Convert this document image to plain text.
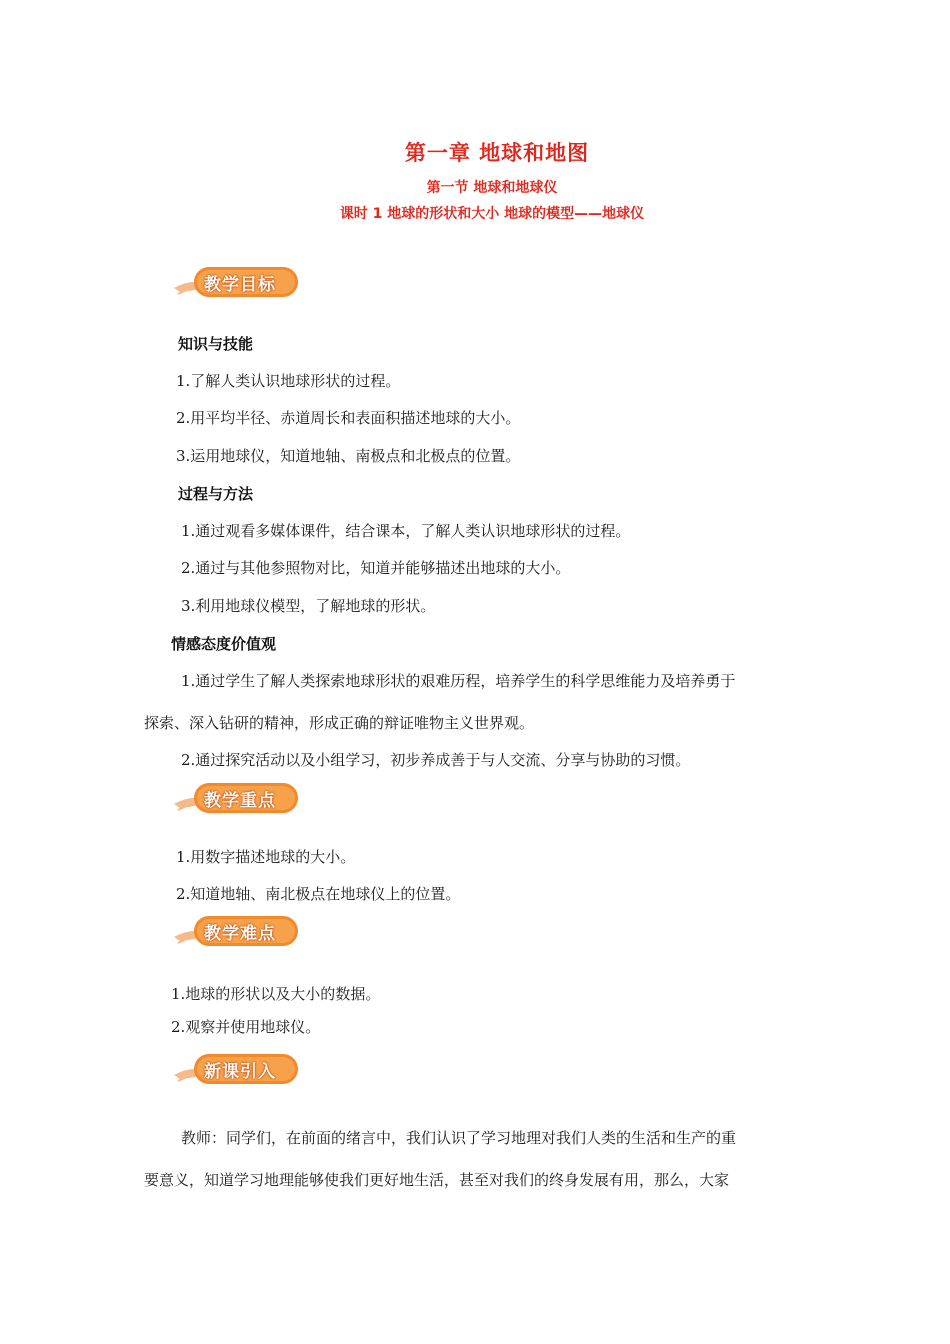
第一章 地球和地图
第一节 地球和地球仪
课时 1 地球的形状和大小 地球的模型——地球仪
教学目标
知识与技能
1.了解人类认识地球形状的过程。
2.用平均半径、赤道周长和表面积描述地球的大小。
3.运用地球仪，知道地轴、南极点和北极点的位置。
过程与方法
1.通过观看多媒体课件，结合课本，了解人类认识地球形状的过程。
2.通过与其他参照物对比，知道并能够描述出地球的大小。
3.利用地球仪模型，了解地球的形状。
情感态度价值观
1.通过学生了解人类探索地球形状的艰难历程，培养学生的科学思维能力及培养勇于
探索、深入钻研的精神，形成正确的辩证唯物主义世界观。
2.通过探究活动以及小组学习，初步养成善于与人交流、分享与协助的习惯。
教学重点
1.用数字描述地球的大小。
2.知道地轴、南北极点在地球仪上的位置。
教学难点
1.地球的形状以及大小的数据。
2.观察并使用地球仪。
新课引入
教师：同学们，在前面的绪言中，我们认识了学习地理对我们人类的生活和生产的重
要意义，知道学习地理能够使我们更好地生活，甚至对我们的终身发展有用，那么，大家
